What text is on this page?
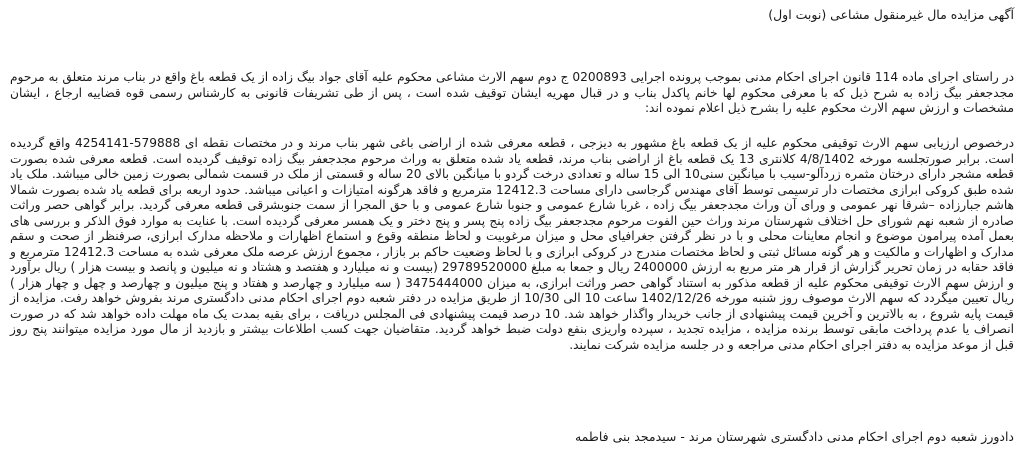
آگهی مزایده مال غیرمنقول مشاعی (نوبت اول)
در راستای اجرای ماده 114 قانون اجرای احکام مدنی بموجب پرونده اجرایی 0200893 ج دوم سهم الارث مشاعی محکوم علیه آقای جواد بیگ زاده از یک قطعه باغ واقع در بناب مرند متعلق به مرحوم مجدجعفر بیگ زاده به شرح ذیل که با معرفی محکوم لها خانم پاکدل بناب و در قبال مهریه ایشان توقیف شده است ، پس از طی تشریفات قانونی به کارشناس رسمی قوه قضاییه ارجاع ، ایشان مشخصات و ارزش سهم الارث محکوم علیه را بشرح ذیل اعلام نموده اند:
درخصوص ارزیابی سهم الارث توقیفی محکوم علیه از یک قطعه باغ مشهور به دیزجی ، قطعه معرفی شده از اراضی باغی شهر بناب مرند و در مختصات نقطه ای 579888-4254141 واقع گردیده است. برابر صورتجلسه مورخه 4/8/1402 کلانتری 13 یک قطعه باغ از اراضی بناب مرند، قطعه یاد شده متعلق به وراث مرحوم مجدجعفر بیگ زاده توقیف گردیده است. قطعه معرفی شده بصورت قطعه مشجر دارای درختان مثمره زردآلو-سیب با میانگین سنی10 الی 15 ساله و تعدادی درخت گردو با میانگین بالای 20 ساله و قسمتی از ملک در قسمت شمالی بصورت زمین خالی میباشد. ملک یاد شده طبق کروکی ابرازی مختصات دار ترسیمی توسط آقای مهندس گرجاسی دارای مساحت 12412.3 مترمربع و فاقد هرگونه امتیازات و اعیانی میباشد. حدود اربعه برای قطعه یاد شده بصورت شمالا هاشم جبارزاده –شرقا نهر عمومی و ورای آن وراث مجدجعفر بیگ زاده ، غربا شارع عمومی و جنوبا شارع عمومی و با حق المجرا از سمت جنوبشرقی قطعه معرفی گردید. برابر گواهی حصر وراثت صادره از شعبه نهم شورای حل اختلاف شهرستان مرند وراث حین الفوت مرحوم مجدجعفر بیگ زاده پنج پسر و پنج دختر و یک همسر معرفی گردیده است. با عنایت به موارد فوق الذکر و بررسی های بعمل آمده پیرامون موضوع و انجام معاینات محلی و با در نظر گرفتن جغرافیای محل و میزان مرغوبیت و لحاظ منطقه وقوع و استماع اظهارات و ملاحظه مدارک ابرازی، صرفنظر از صحت و سقم مدارک و اظهارات و مالکیت و هر گونه مسائل ثبتی و لحاظ مختصات مندرج در کروکی ابرازی و با لحاظ وضعیت حاکم بر بازار ، مجموع ارزش عرصه ملک معرفی شده به مساحت 12412.3 مترمربع و فاقد حقابه در زمان تحریر گزارش از قرار هر متر مربع به ارزش 2400000 ریال و جمعا به مبلغ 29789520000 (بیست و نه میلیارد و هفتصد و هشتاد و نه میلیون و پانصد و بیست هزار ) ریال برآورد و ارزش سهم الارث توقیفی محکوم علیه از قطعه مذکور به استناد گواهی حصر وراثت ابرازی، به میزان 3475444000 ( سه میلیارد و چهارصد و هفتاد و پنج میلیون و چهارصد و چهل و چهار هزار ) ریال تعیین میگردد که سهم الارث موصوف روز شنبه مورخه 1402/12/26 ساعت 10 الی 10/30 از طریق مزایده در دفتر شعبه دوم اجرای احکام مدنی دادگستری مرند بفروش خواهد رفت. مزایده از قیمت پایه شروع ، به بالاترین و آخرین قیمت پیشنهادی از جانب خریدار واگذار خواهد شد. 10 درصد قیمت پیشنهادی فی المجلس دریافت ، برای بقیه بمدت یک ماه مهلت داده خواهد شد که در صورت انصراف یا عدم پرداخت مابقی توسط برنده مزایده ، مزایده تجدید ، سپرده واریزی بنفع دولت ضبط خواهد گردید. متقاضیان جهت کسب اطلاعات بیشتر و بازدید از مال مورد مزایده میتوانند پنج روز قبل از موعد مزایده به دفتر اجرای احکام مدنی مراجعه و در جلسه مزایده شرکت نمایند.
دادورز شعبه دوم اجرای احکام مدنی دادگستری شهرستان مرند - سیدمجد بنی فاطمه
